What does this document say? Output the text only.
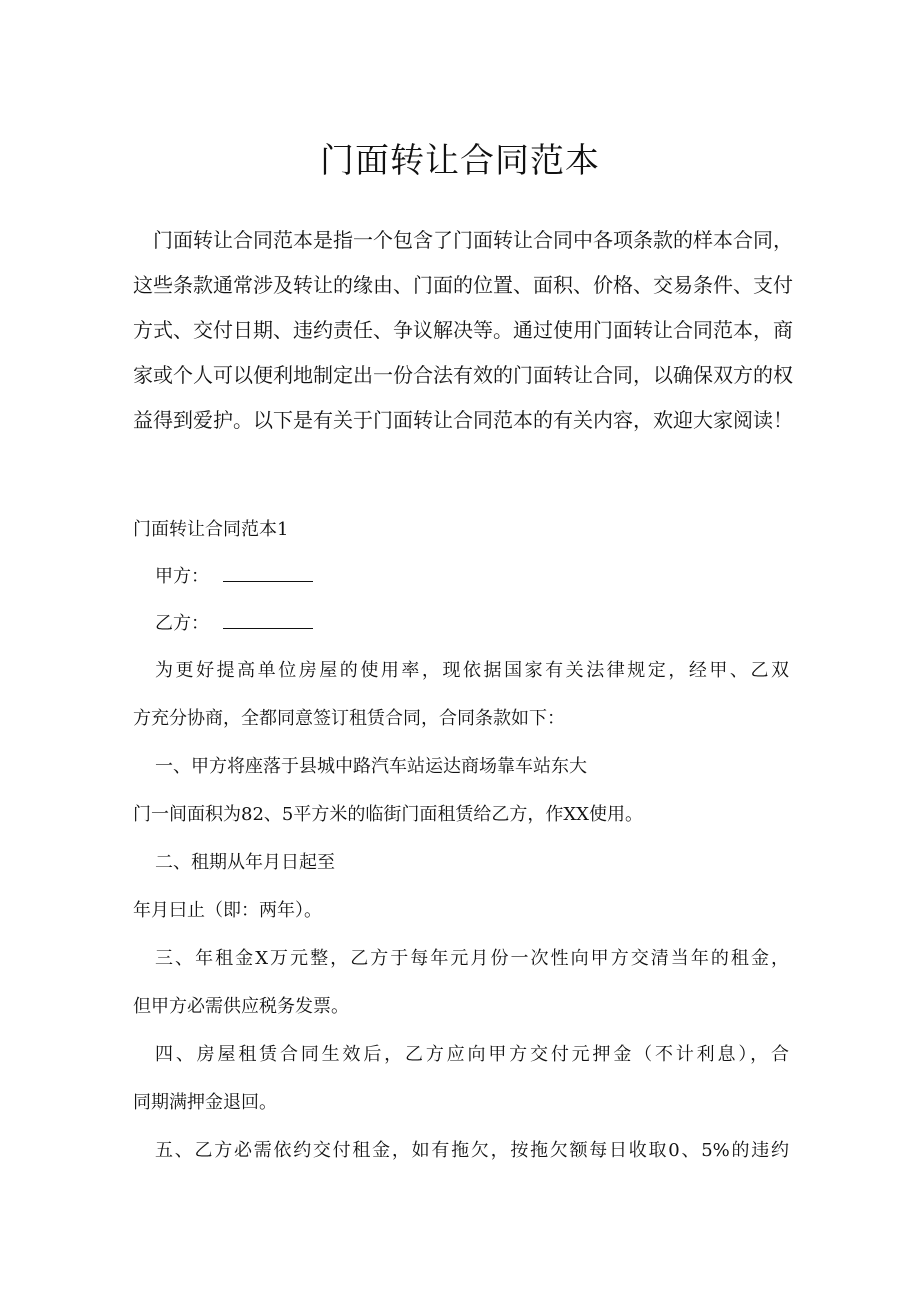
门面转让合同范本
门面转让合同范本是指一个包含了门面转让合同中各项条款的样本合同，
这些条款通常涉及转让的缘由、门面的位置、面积、价格、交易条件、支付
方式、交付日期、违约责任、争议解决等。通过使用门面转让合同范本，商
家或个人可以便利地制定出一份合法有效的门面转让合同，以确保双方的权
益得到爱护。以下是有关于门面转让合同范本的有关内容，欢迎大家阅读！

门面转让合同范本1

甲方：

乙方：

为更好提高单位房屋的使用率，现依据国家有关法律规定，经甲、乙双
方充分协商，全都同意签订租赁合同，合同条款如下：
一、甲方将座落于县城中路汽车站运达商场靠车站东大
门一间面积为82、5平方米的临街门面租赁给乙方，作XX使用。
二、租期从年月日起至
年月曰止（即：两年）。
三、年租金X万元整，乙方于每年元月份一次性向甲方交清当年的租金，
但甲方必需供应税务发票。
四、房屋租赁合同生效后，乙方应向甲方交付元押金（不计利息），合
同期满押金退回。
五、乙方必需依约交付租金，如有拖欠，按拖欠额每日收取0、5%的违约
